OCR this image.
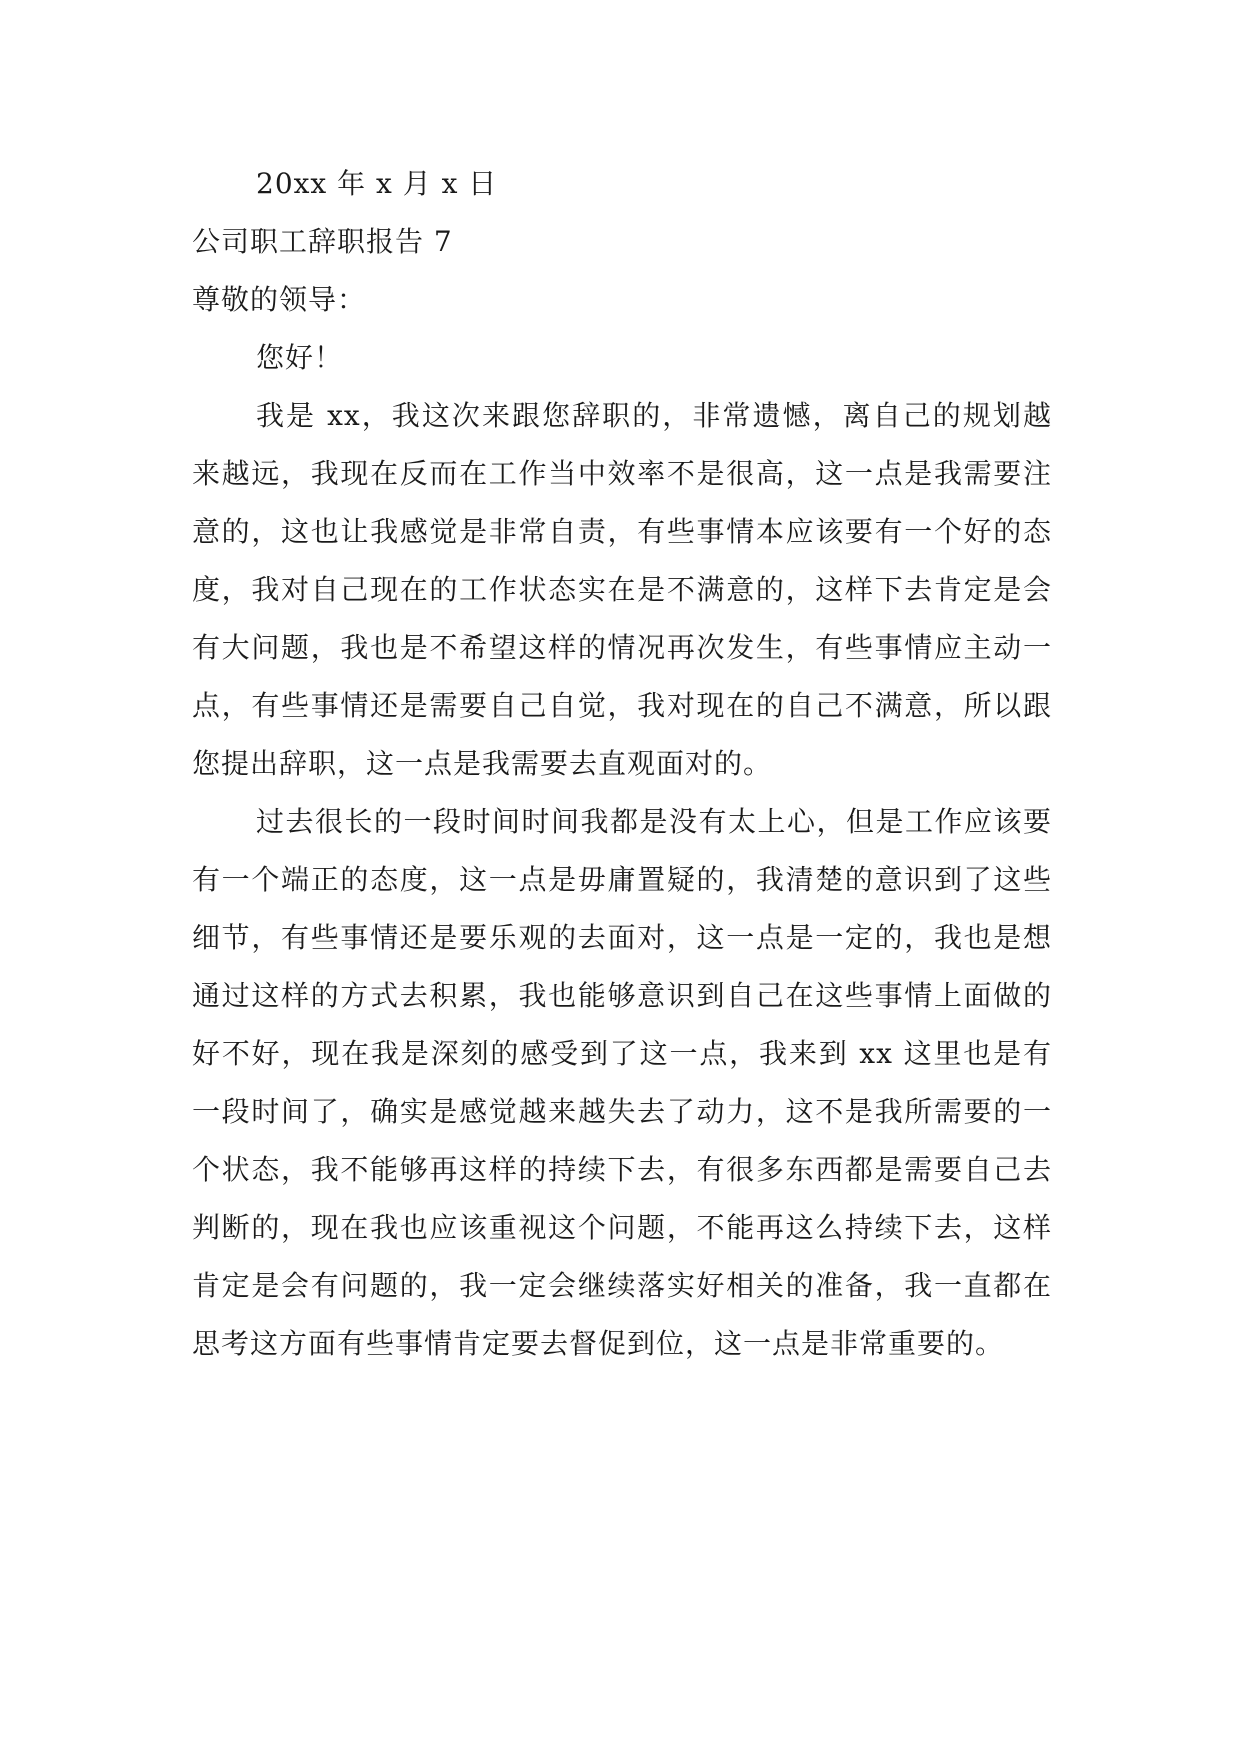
20xx 年 x 月 x 日
公司职工辞职报告 7
尊敬的领导：
您好！

我是 xx，我这次来跟您辞职的，非常遗憾，离自己的规划越来越远，我现在反而在工作当中效率不是很高，这一点是我需要注意的，这也让我感觉是非常自责，有些事情本应该要有一个好的态度，我对自己现在的工作状态实在是不满意的，这样下去肯定是会有大问题，我也是不希望这样的情况再次发生，有些事情应主动一点，有些事情还是需要自己自觉，我对现在的自己不满意，所以跟您提出辞职，这一点是我需要去直观面对的。

过去很长的一段时间时间我都是没有太上心，但是工作应该要有一个端正的态度，这一点是毋庸置疑的，我清楚的意识到了这些细节，有些事情还是要乐观的去面对，这一点是一定的，我也是想通过这样的方式去积累，我也能够意识到自己在这些事情上面做的好不好，现在我是深刻的感受到了这一点，我来到 xx 这里也是有一段时间了，确实是感觉越来越失去了动力，这不是我所需要的一个状态，我不能够再这样的持续下去，有很多东西都是需要自己去判断的，现在我也应该重视这个问题，不能再这么持续下去，这样肯定是会有问题的，我一定会继续落实好相关的准备，我一直都在思考这方面有些事情肯定要去督促到位，这一点是非常重要的。
